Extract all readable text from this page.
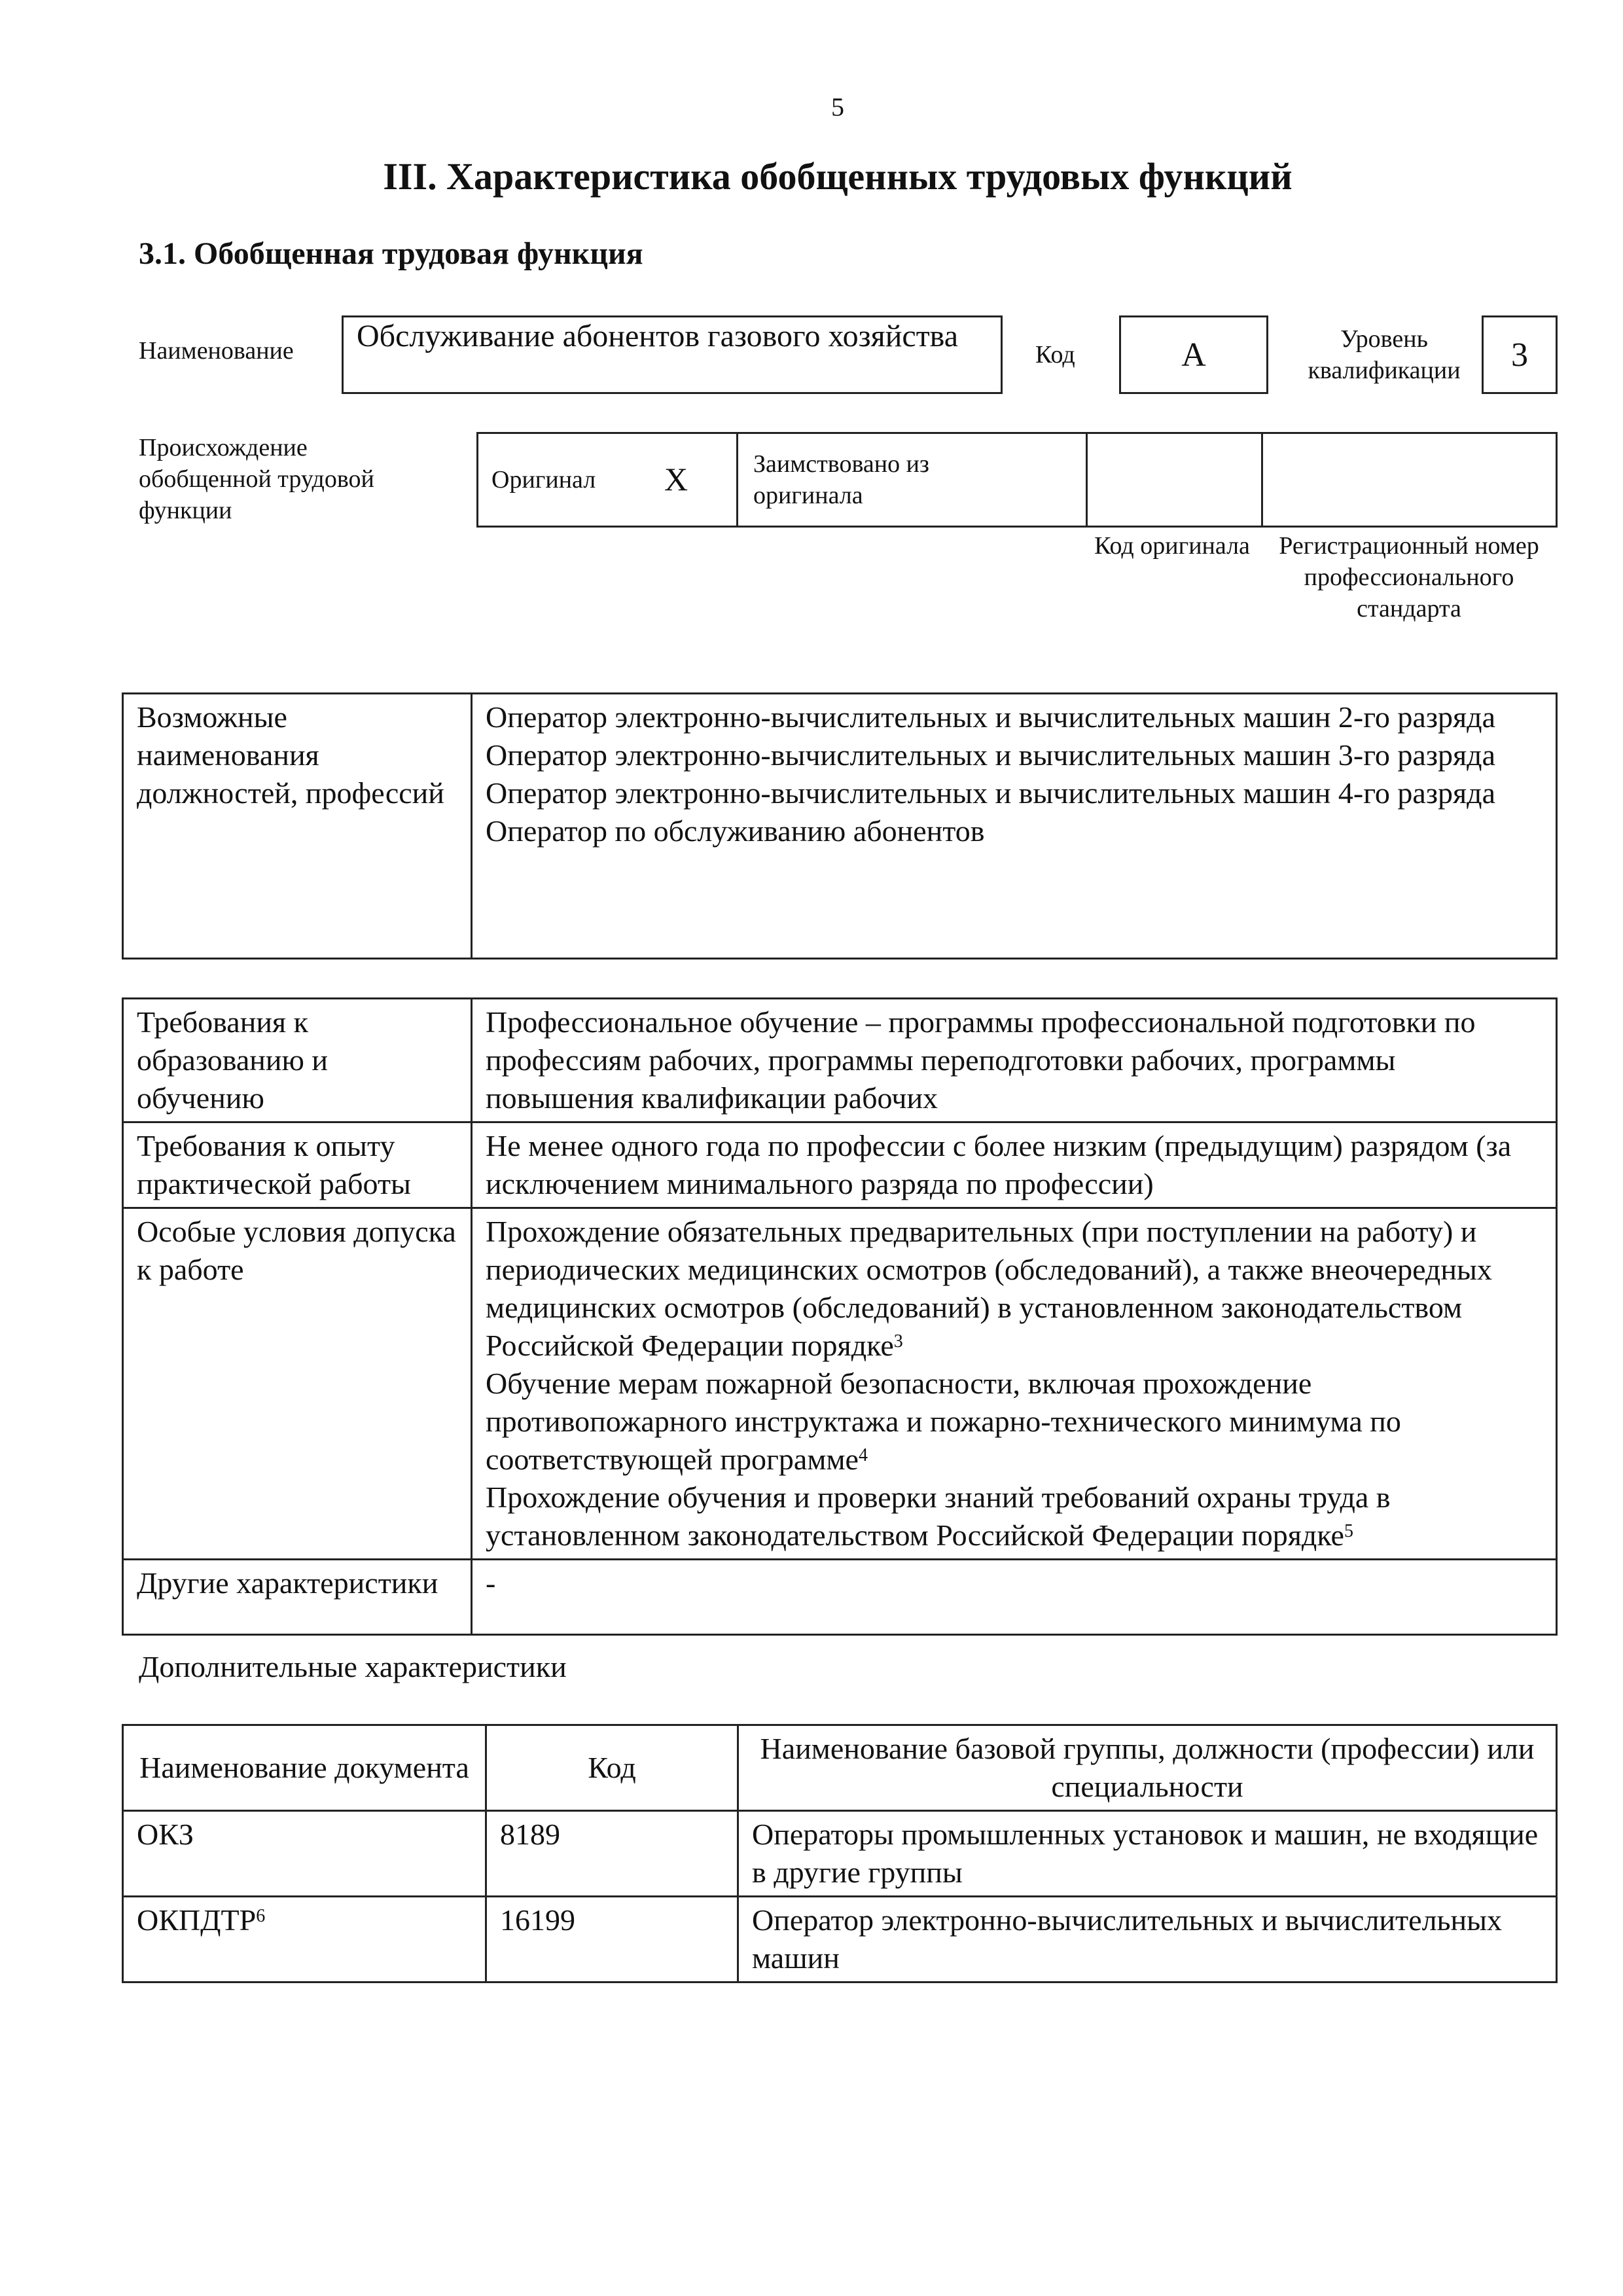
5
III. Характеристика обобщенных трудовых функций
3.1. Обобщенная трудовая функция
Наименование	Обслуживание абонентов газового хозяйства
Код	А	Уровень квалификации	3
Происхождение обобщенной трудовой функции
Оригинал Х	Заимствовано из оригинала
Код оригинала	Регистрационный номер профессионального стандарта
Возможные наименования должностей, профессий	
Оператор электронно-вычислительных и вычислительных машин 2-го разряда
Оператор электронно-вычислительных и вычислительных машин 3-го разряда
Оператор электронно-вычислительных и вычислительных машин 4-го разряда
Оператор по обслуживанию абонентов
Требования к образованию и обучению	Профессиональное обучение – программы профессиональной подготовки по профессиям рабочих, программы переподготовки рабочих, программы повышения квалификации рабочих
Требования к опыту практической работы	Не менее одного года по профессии с более низким (предыдущим) разрядом (за исключением минимального разряда по профессии)
Особые условия допуска к работе	Прохождение обязательных предварительных (при поступлении на работу) и периодических медицинских осмотров (обследований), а также внеочередных медицинских осмотров (обследований) в установленном законодательством Российской Федерации порядке$^3$
Обучение мерам пожарной безопасности, включая прохождение противопожарного инструктажа и пожарно-технического минимума по соответствующей программе$^4$
Прохождение обучения и проверки знаний требований охраны труда в установленном законодательством Российской Федерации порядке$^5$

Другие характеристики	-
Дополнительные характеристики
Наименование документа	Код	Наименование базовой группы, должности (профессии) или специальности
ОКЗ	8189	Операторы промышленных установок и машин, не входящие в другие группы
ОКПДТР$^6$	16199	Оператор электронно-вычислительных и вычислительных машин
